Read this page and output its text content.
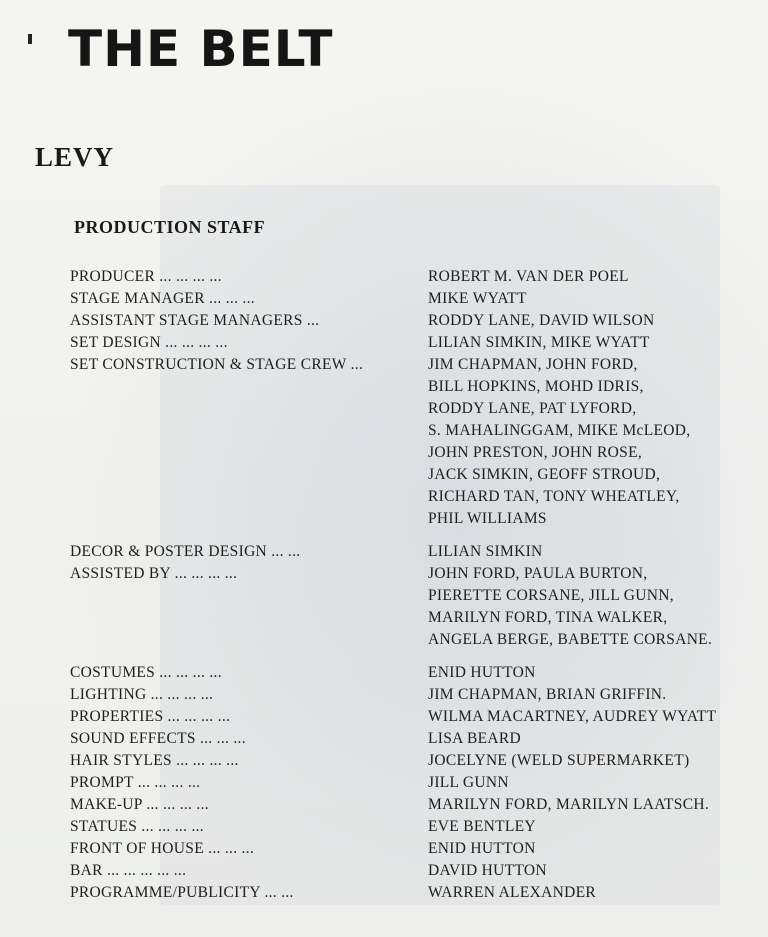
THE BELT
LEVY
PRODUCTION STAFF
PRODUCER ... ... ... ...	ROBERT M. VAN DER POEL
STAGE MANAGER ... ... ...	MIKE WYATT
ASSISTANT STAGE MANAGERS ...	RODDY LANE, DAVID WILSON
SET DESIGN ... ... ... ...	LILIAN SIMKIN, MIKE WYATT
SET CONSTRUCTION & STAGE CREW ...	JIM CHAPMAN, JOHN FORD,
BILL HOPKINS, MOHD IDRIS,
RODDY LANE, PAT LYFORD,
S. MAHALINGGAM, MIKE McLEOD,
JOHN PRESTON, JOHN ROSE,
JACK SIMKIN, GEOFF STROUD,
RICHARD TAN, TONY WHEATLEY,
PHIL WILLIAMS
DECOR & POSTER DESIGN ... ...	LILIAN SIMKIN
ASSISTED BY ... ... ... ...	JOHN FORD, PAULA BURTON,
PIERETTE CORSANE, JILL GUNN,
MARILYN FORD, TINA WALKER,
ANGELA BERGE, BABETTE CORSANE.
COSTUMES ... ... ... ...	ENID HUTTON
LIGHTING ... ... ... ...	JIM CHAPMAN, BRIAN GRIFFIN.
PROPERTIES ... ... ... ...	WILMA MACARTNEY, AUDREY WYATT
SOUND EFFECTS ... ... ...	LISA BEARD
HAIR STYLES ... ... ... ...	JOCELYNE (WELD SUPERMARKET)
PROMPT ... ... ... ...	JILL GUNN
MAKE-UP ... ... ... ...	MARILYN FORD, MARILYN LAATSCH.
STATUES ... ... ... ...	EVE BENTLEY
FRONT OF HOUSE ... ... ...	ENID HUTTON
BAR ... ... ... ... ...	DAVID HUTTON
PROGRAMME/PUBLICITY ... ...	WARREN ALEXANDER
